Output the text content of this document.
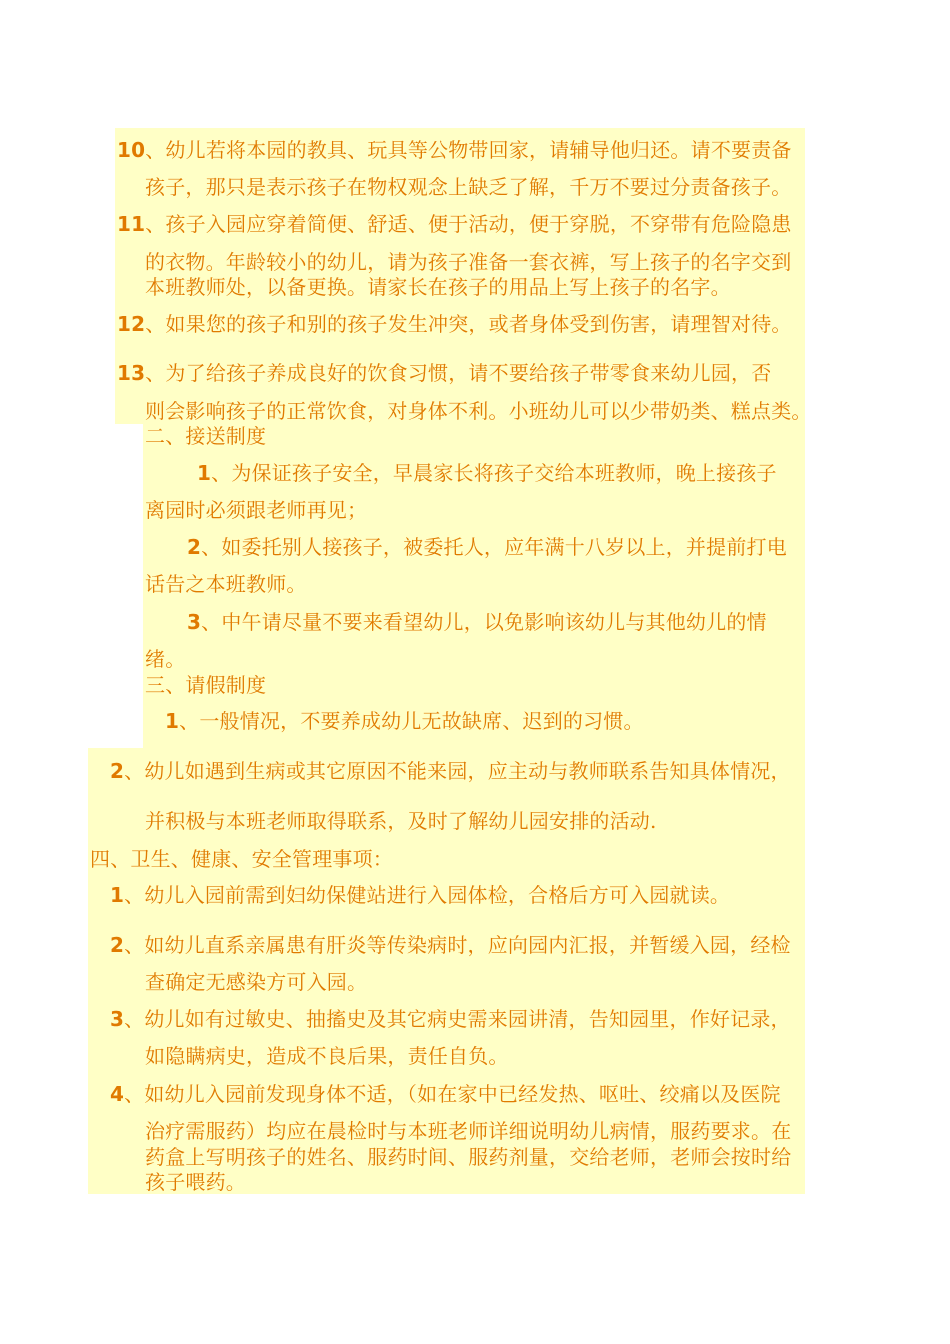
10、幼儿若将本园的教具、玩具等公物带回家，请辅导他归还。请不要责备
孩子，那只是表示孩子在物权观念上缺乏了解，千万不要过分责备孩子。
11、孩子入园应穿着简便、舒适、便于活动，便于穿脱，不穿带有危险隐患
的衣物。年龄较小的幼儿，请为孩子准备一套衣裤，写上孩子的名字交到
本班教师处，以备更换。请家长在孩子的用品上写上孩子的名字。
12、如果您的孩子和别的孩子发生冲突，或者身体受到伤害，请理智对待。
13、为了给孩子养成良好的饮食习惯，请不要给孩子带零食来幼儿园，否
则会影响孩子的正常饮食，对身体不利。小班幼儿可以少带奶类、糕点类。
二、接送制度
1、为保证孩子安全，早晨家长将孩子交给本班教师，晚上接孩子
离园时必须跟老师再见；
2、如委托别人接孩子，被委托人，应年满十八岁以上，并提前打电
话告之本班教师。
3、中午请尽量不要来看望幼儿，以免影响该幼儿与其他幼儿的情
绪。
三、请假制度
1、一般情况，不要养成幼儿无故缺席、迟到的习惯。
2、幼儿如遇到生病或其它原因不能来园，应主动与教师联系告知具体情况，
并积极与本班老师取得联系，及时了解幼儿园安排的活动.
四、卫生、健康、安全管理事项：
1、幼儿入园前需到妇幼保健站进行入园体检，合格后方可入园就读。
2、如幼儿直系亲属患有肝炎等传染病时，应向园内汇报，并暂缓入园，经检
查确定无感染方可入园。
3、幼儿如有过敏史、抽搐史及其它病史需来园讲清，告知园里，作好记录，
如隐瞒病史，造成不良后果，责任自负。
4、如幼儿入园前发现身体不适，（如在家中已经发热、呕吐、绞痛以及医院
治疗需服药）均应在晨检时与本班老师详细说明幼儿病情，服药要求。在
药盒上写明孩子的姓名、服药时间、服药剂量，交给老师，老师会按时给
孩子喂药。
